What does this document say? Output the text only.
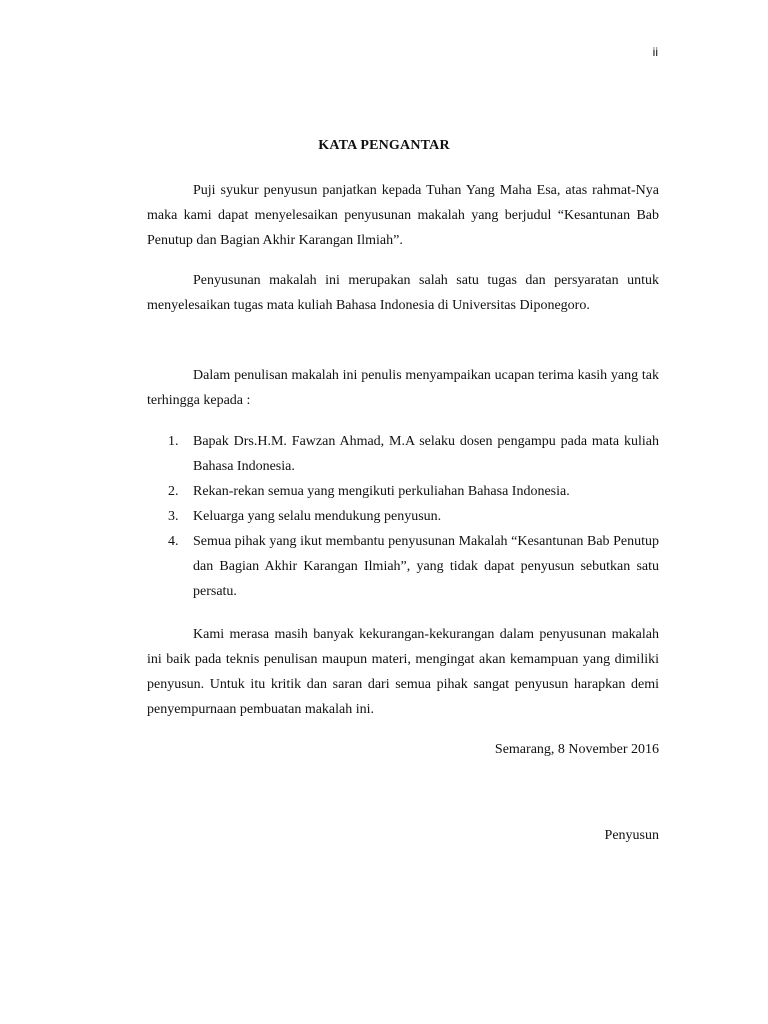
ii
KATA PENGANTAR

Puji syukur penyusun panjatkan kepada Tuhan Yang Maha Esa, atas rahmat-Nya maka kami dapat menyelesaikan penyusunan makalah yang berjudul “Kesantunan Bab Penutup dan Bagian Akhir Karangan Ilmiah”.

Penyusunan makalah ini merupakan salah satu tugas dan persyaratan untuk menyelesaikan tugas mata kuliah Bahasa Indonesia di Universitas Diponegoro.

Dalam penulisan makalah ini penulis menyampaikan ucapan terima kasih yang tak terhingga kepada :

1. Bapak Drs.H.M. Fawzan Ahmad, M.A selaku dosen pengampu pada mata kuliah Bahasa Indonesia.
2. Rekan-rekan semua yang mengikuti perkuliahan Bahasa Indonesia.
3. Keluarga yang selalu mendukung penyusun.
4. Semua pihak yang ikut membantu penyusunan Makalah “Kesantunan Bab Penutup dan Bagian Akhir Karangan Ilmiah”, yang tidak dapat penyusun sebutkan satu persatu.

Kami merasa masih banyak kekurangan-kekurangan dalam penyusunan makalah ini baik pada teknis penulisan maupun materi, mengingat akan kemampuan yang dimiliki penyusun. Untuk itu kritik dan saran dari semua pihak sangat penyusun harapkan demi penyempurnaan pembuatan makalah ini.

Semarang, 8 November 2016
Penyusun
